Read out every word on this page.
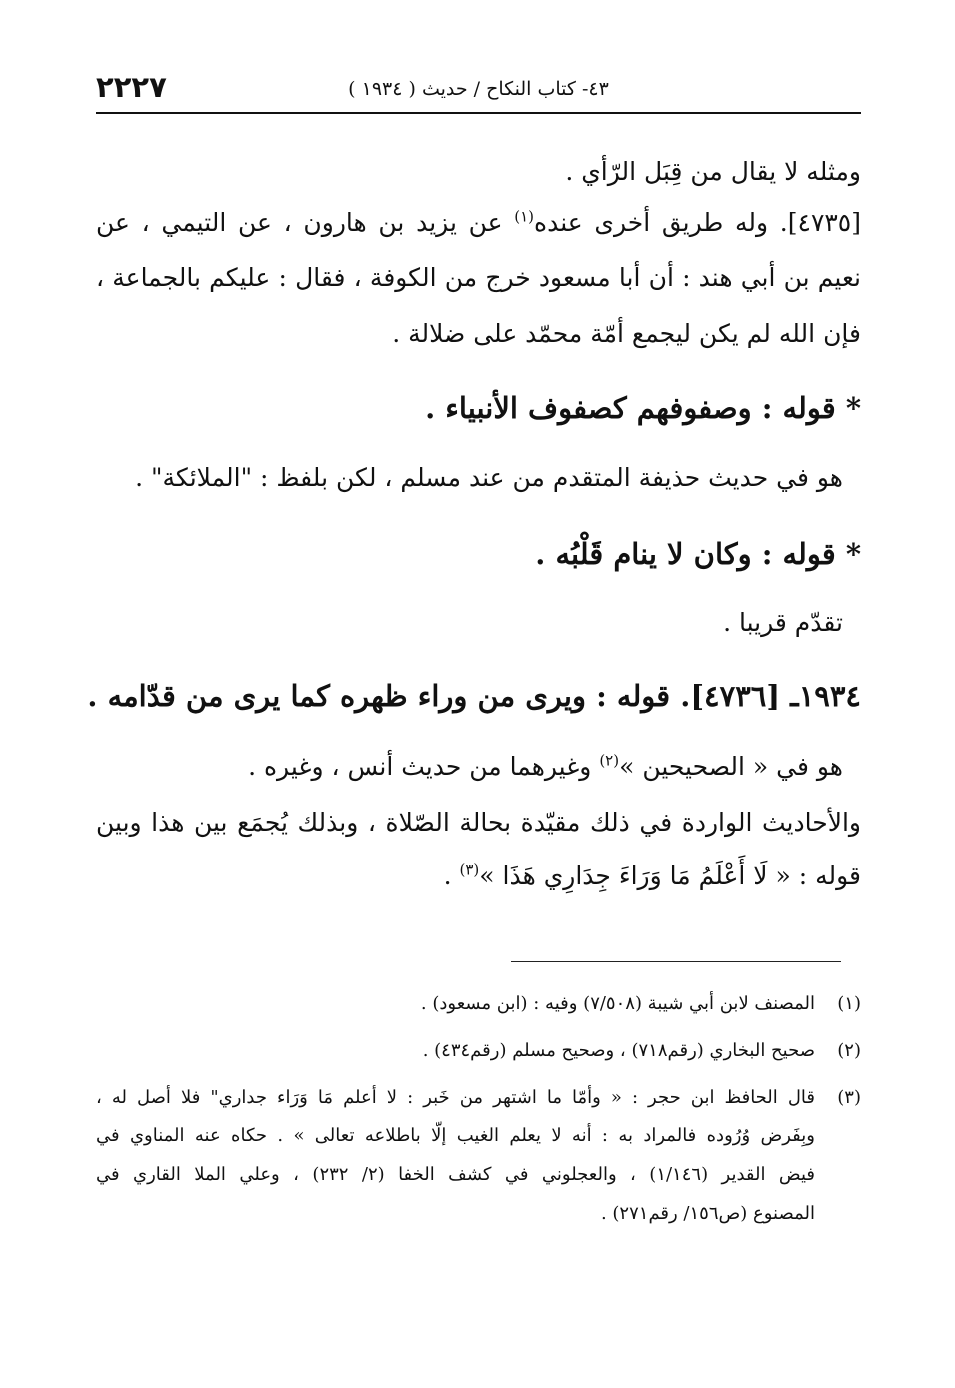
٢٢٢٧	٤٣- كتاب النكاح / حديث ( ١٩٣٤ )
ومثله لا يقال من قِبَل الرّأي .
[٤٧٣٥]. وله طريق أخرى عنده$^{(١)}$ عن يزيد بن هارون ، عن التيمي ، عن
نعيم بن أبي هند : أن أبا مسعود خرج من الكوفة ، فقال : عليكم بالجماعة ،
فإن الله لم يكن ليجمع أمّة محمّد على ضلالة .
* قوله : وصفوفهم كصفوف الأنبياء .
هو في حديث حذيفة المتقدم من عند مسلم ، لكن بلفظ : "الملائكة" .
* قوله : وكان لا ينام قَلْبُه .
تقدّم قريبا .
١٩٣٤ـ [٤٧٣٦]. قوله : ويرى من وراء ظهره كما يرى من قدّامه .
هو في « الصحيحين »$^{(٢)}$ وغيرهما من حديث أنس ، وغيره .
والأحاديث الواردة في ذلك مقيّدة بحالة الصّلاة ، وبذلك يُجمَع بين هذا وبين
قوله : « لَا أَعْلَمُ مَا وَرَاءَ جِدَارِي هَذَا »$^{(٣)}$ .
(١)
المصنف لابن أبي شيبة (٧/٥٠٨) وفيه : (ابن مسعود) .
(٢)
صحيح البخاري (رقم٧١٨) ، وصحيح مسلم (رقم٤٣٤) .
(٣)
قال الحافظ ابن حجر : « وأمّا ما اشتهر من خَبر : لا أعلم مَا وَرَاء جداري" فلا أصل له ،
وبِفَرض وُرُوده فالمراد به : أنه لا يعلم الغيب إلّا باطلاعه تعالى » . حكاه عنه المناوي في
فيض القدير (١/١٤٦) ، والعجلوني في كشف الخفا (٢/ ٢٣٢) ، وعلي الملا القاري في
المصنوع (ص١٥٦/ رقم٢٧١) .
